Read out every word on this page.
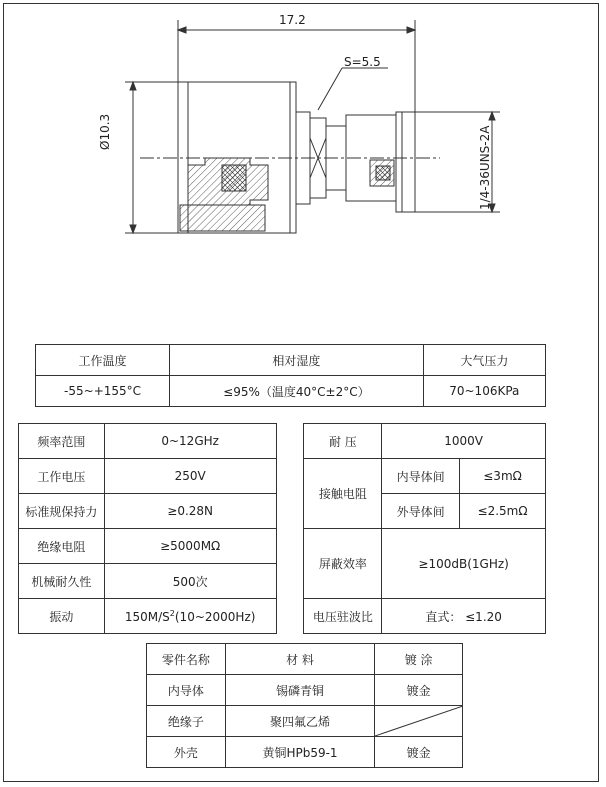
17.2
S=5.5
Ø10.3	1/4-36UNS-2A
工作温度	相对湿度	大气压力
-55~+155°C	≤95%（温度40°C±2°C）	70~106KPa
频率范围	0~12GHz		耐 压	1000V	
工作电压	250V		接触电阻	内导体间	≤3mΩ
标准规保持力	≥0.28N			外导体间	≤2.5mΩ
绝缘电阻	≥5000MΩ		屏蔽效率	≥100dB(1GHz)	
机械耐久性	500次				
振动	$150M/S^2(10\sim 2000Hz)$		电压驻波比	直式： ≤1.20	
零件名称	材 料	镀 涂
内导体	锡磷青铜	镀金
绝缘子	聚四氟乙烯	

外壳	黄铜HPb59-1	镀金
